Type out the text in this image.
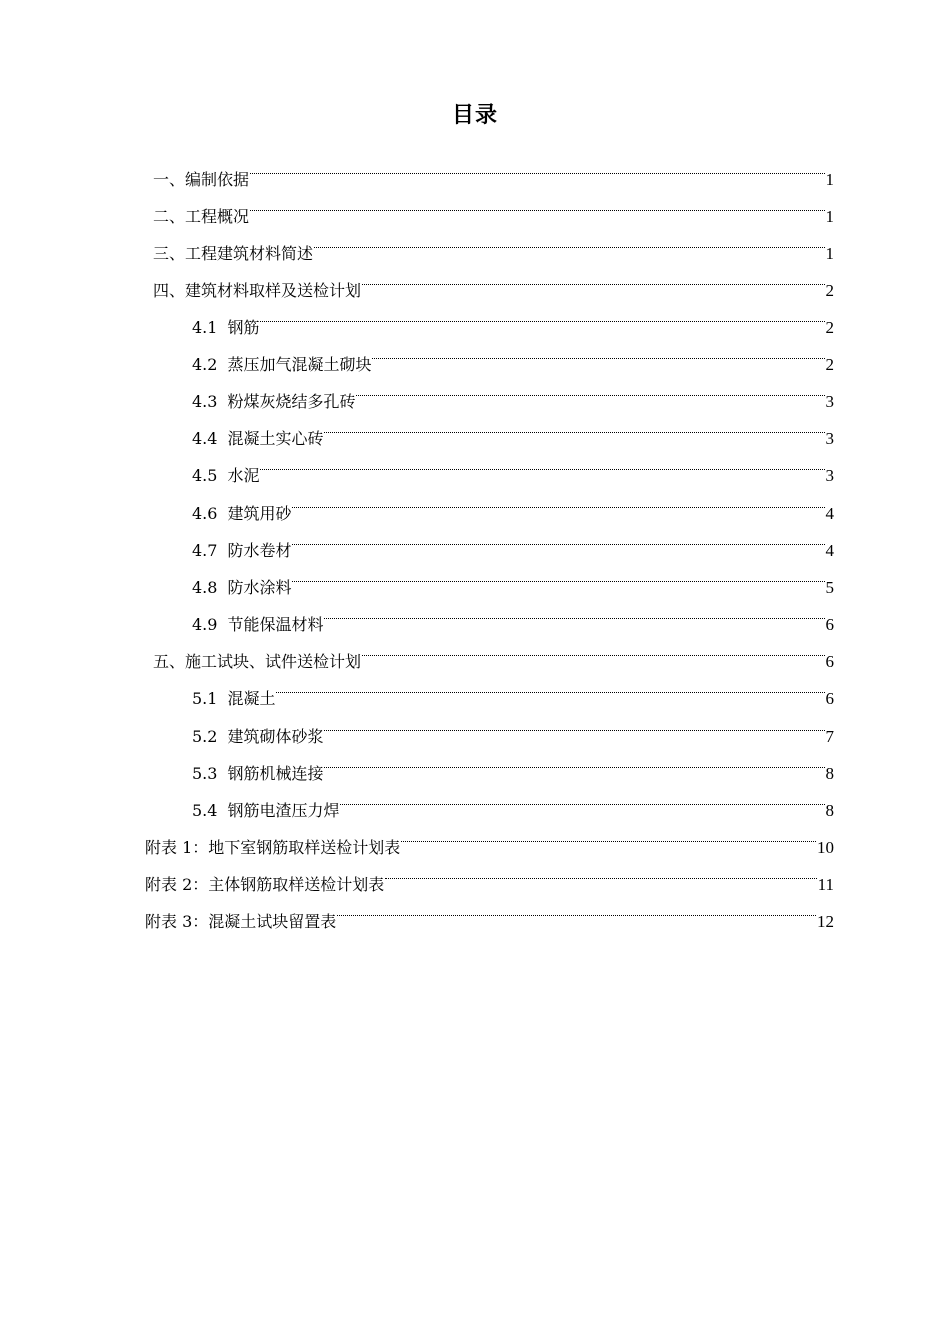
目录
一、编制依据	1
二、工程概况	1
三、工程建筑材料简述	1
四、建筑材料取样及送检计划	2
4.1 钢筋	2
4.2 蒸压加气混凝土砌块	2
4.3 粉煤灰烧结多孔砖	3
4.4 混凝土实心砖	3
4.5 水泥	3
4.6 建筑用砂	4
4.7 防水卷材	4
4.8 防水涂料	5
4.9 节能保温材料	6
五、施工试块、试件送检计划	6
5.1 混凝土	6
5.2 建筑砌体砂浆	7
5.3 钢筋机械连接	8
5.4 钢筋电渣压力焊	8
附表 1：地下室钢筋取样送检计划表	10
附表 2：主体钢筋取样送检计划表	11
附表 3：混凝土试块留置表	12
